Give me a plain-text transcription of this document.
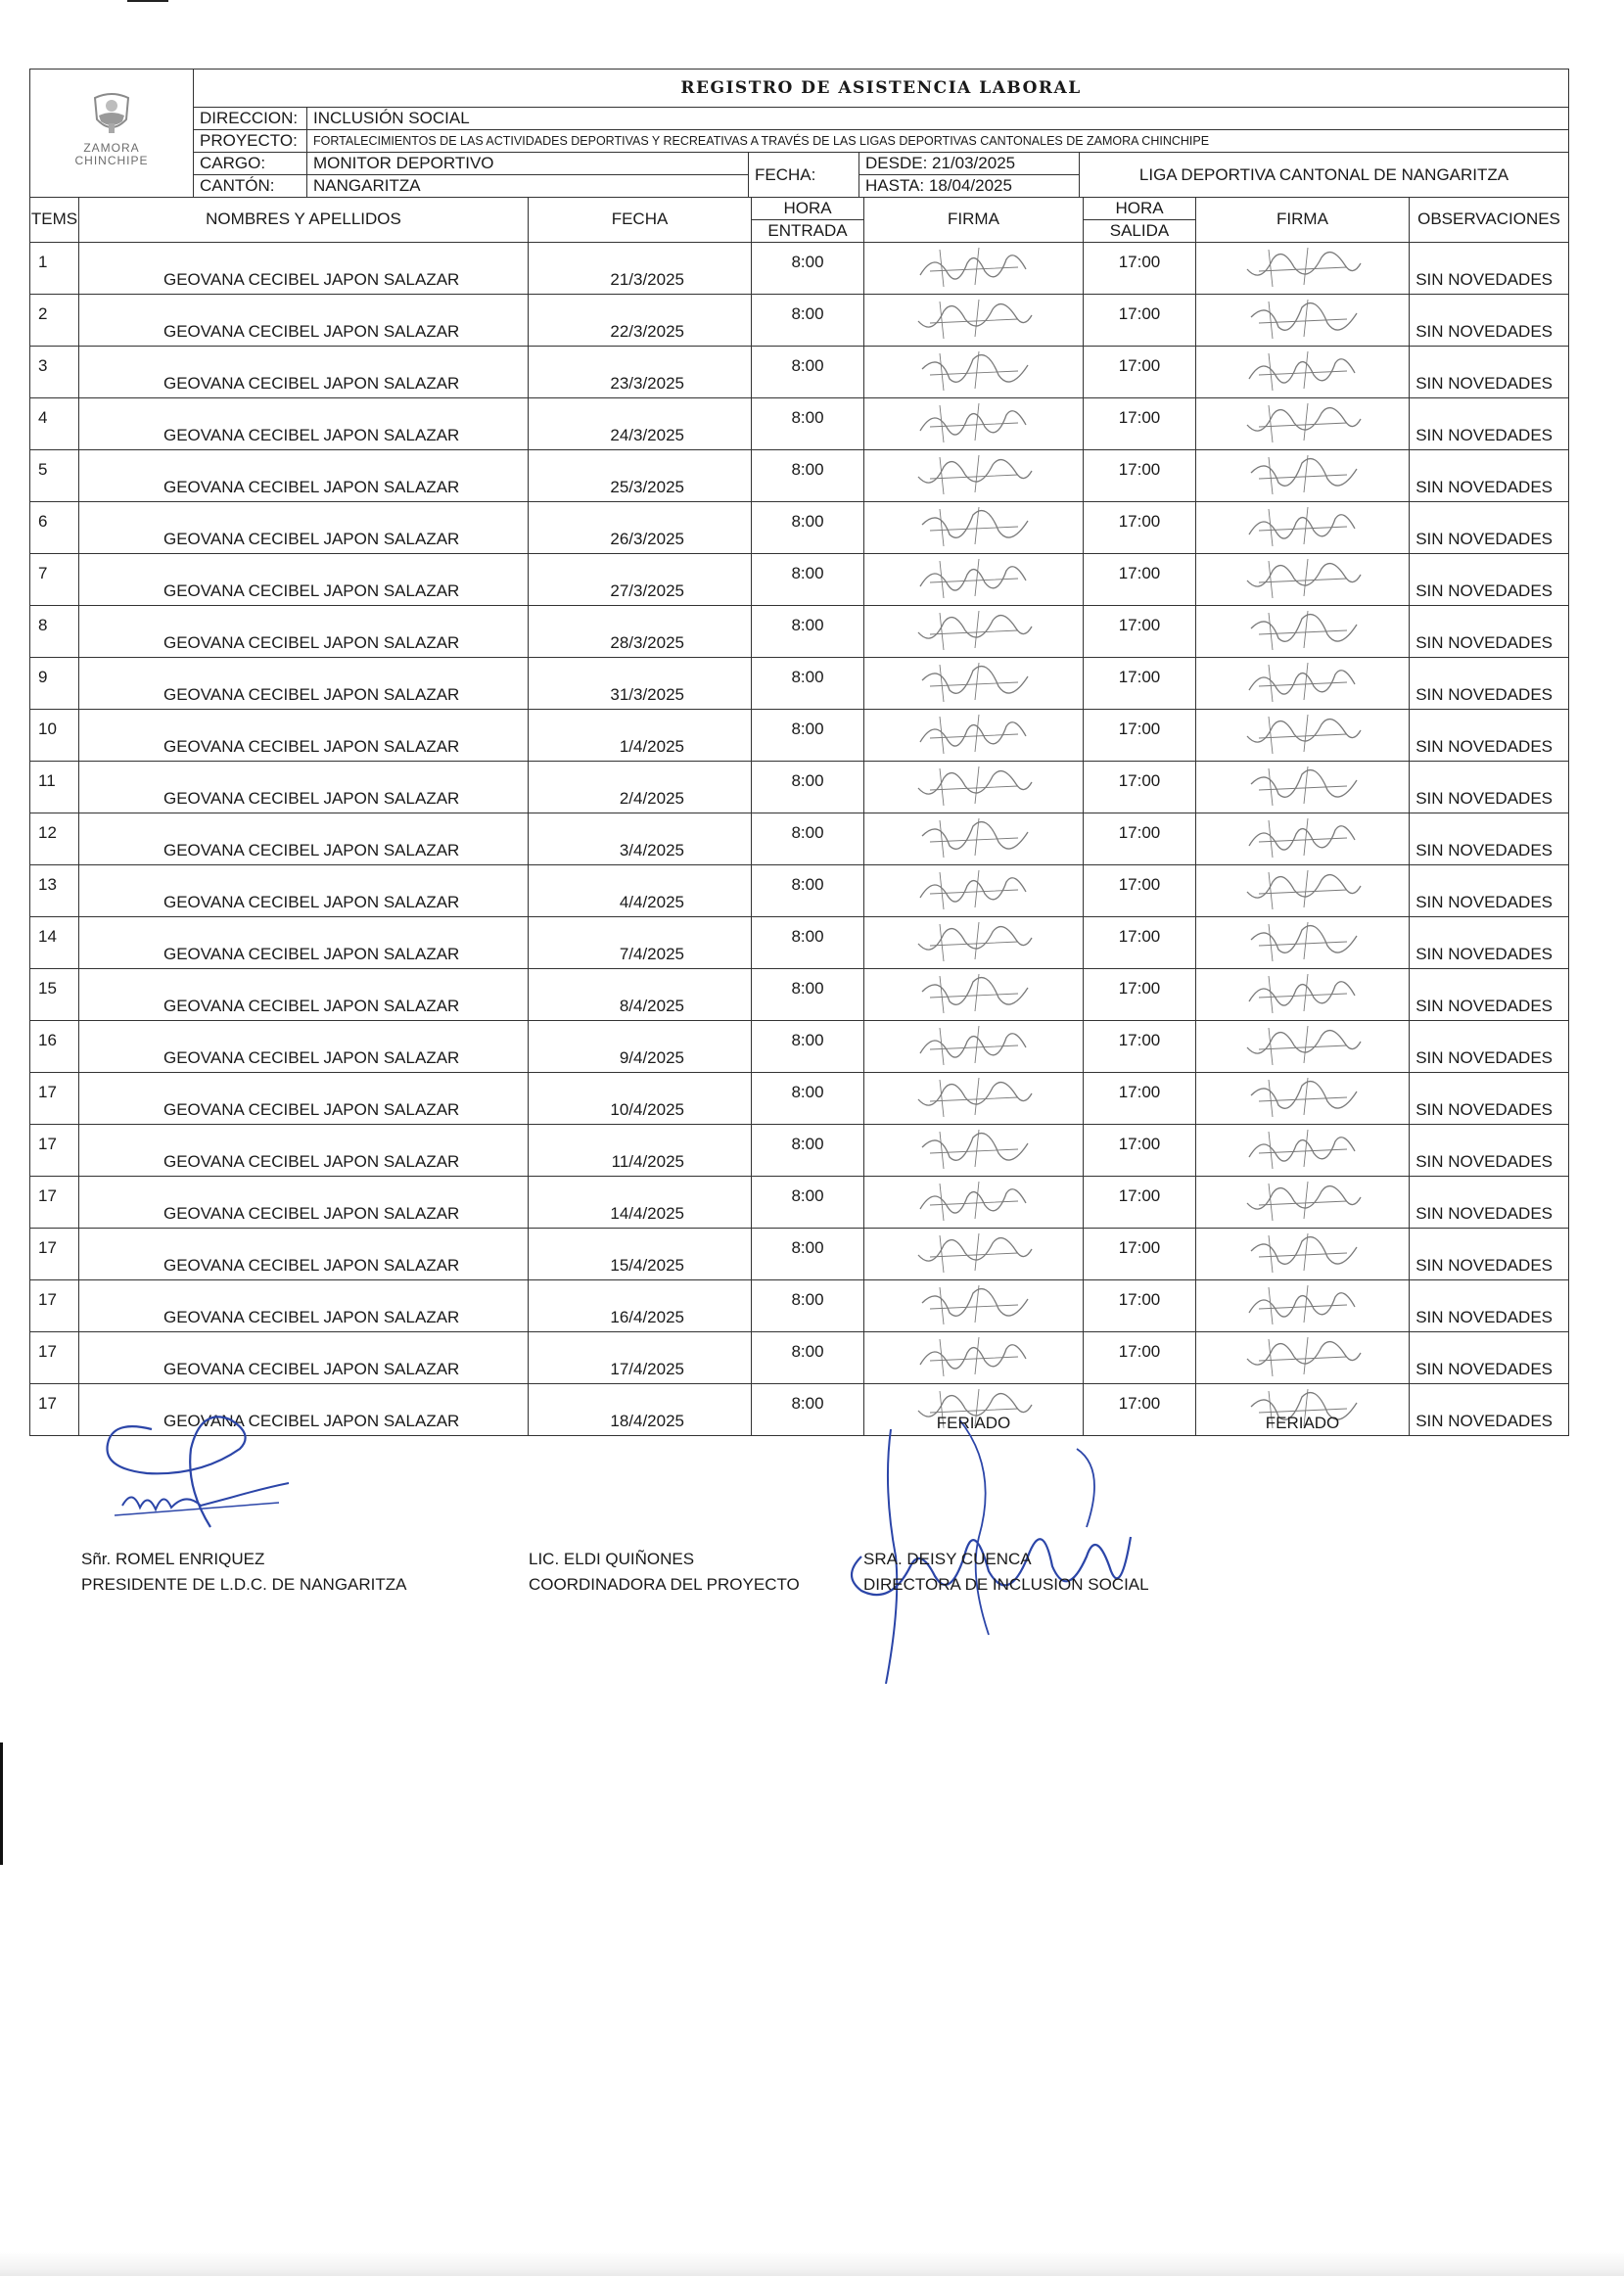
ZAMORA
CHINCHIPE	REGISTRO DE ASISTENCIA LABORAL				
	DIRECCION:	INCLUSIÓN SOCIAL			
	PROYECTO:	FORTALECIMIENTOS DE LAS ACTIVIDADES DEPORTIVAS Y RECREATIVAS A TRAVÉS DE LAS LIGAS DEPORTIVAS CANTONALES DE ZAMORA CHINCHIPE			
	CARGO:	MONITOR DEPORTIVO	FECHA:	DESDE: 21/03/2025	LIGA DEPORTIVA CANTONAL DE NANGARITZA
	CANTÓN:	NANGARITZA		HASTA: 18/04/2025	
TEMS	NOMBRES Y APELLIDOS	FECHA	HORA	FIRMA	HORA	FIRMA	OBSERVACIONES
			ENTRADA		SALIDA		

1	GEOVANA CECIBEL JAPON SALAZAR	21/3/2025	8:00		17:00		SIN NOVEDADES

2	GEOVANA CECIBEL JAPON SALAZAR	22/3/2025	8:00		17:00		SIN NOVEDADES

3	GEOVANA CECIBEL JAPON SALAZAR	23/3/2025	8:00		17:00		SIN NOVEDADES

4	GEOVANA CECIBEL JAPON SALAZAR	24/3/2025	8:00		17:00		SIN NOVEDADES

5	GEOVANA CECIBEL JAPON SALAZAR	25/3/2025	8:00		17:00		SIN NOVEDADES

6	GEOVANA CECIBEL JAPON SALAZAR	26/3/2025	8:00		17:00		SIN NOVEDADES

7	GEOVANA CECIBEL JAPON SALAZAR	27/3/2025	8:00		17:00		SIN NOVEDADES

8	GEOVANA CECIBEL JAPON SALAZAR	28/3/2025	8:00		17:00		SIN NOVEDADES

9	GEOVANA CECIBEL JAPON SALAZAR	31/3/2025	8:00		17:00		SIN NOVEDADES

10	GEOVANA CECIBEL JAPON SALAZAR	1/4/2025	8:00		17:00		SIN NOVEDADES

11	GEOVANA CECIBEL JAPON SALAZAR	2/4/2025	8:00		17:00		SIN NOVEDADES

12	GEOVANA CECIBEL JAPON SALAZAR	3/4/2025	8:00		17:00		SIN NOVEDADES

13	GEOVANA CECIBEL JAPON SALAZAR	4/4/2025	8:00		17:00		SIN NOVEDADES

14	GEOVANA CECIBEL JAPON SALAZAR	7/4/2025	8:00		17:00		SIN NOVEDADES

15	GEOVANA CECIBEL JAPON SALAZAR	8/4/2025	8:00		17:00		SIN NOVEDADES

16	GEOVANA CECIBEL JAPON SALAZAR	9/4/2025	8:00		17:00		SIN NOVEDADES

17	GEOVANA CECIBEL JAPON SALAZAR	10/4/2025	8:00		17:00		SIN NOVEDADES

17	GEOVANA CECIBEL JAPON SALAZAR	11/4/2025	8:00		17:00		SIN NOVEDADES

17	GEOVANA CECIBEL JAPON SALAZAR	14/4/2025	8:00		17:00		SIN NOVEDADES

17	GEOVANA CECIBEL JAPON SALAZAR	15/4/2025	8:00		17:00		SIN NOVEDADES

17	GEOVANA CECIBEL JAPON SALAZAR	16/4/2025	8:00		17:00		SIN NOVEDADES

17	GEOVANA CECIBEL JAPON SALAZAR	17/4/2025	8:00		17:00		SIN NOVEDADES

17	GEOVANA CECIBEL JAPON SALAZAR	18/4/2025	8:00	FERIADO	17:00	FERIADO	SIN NOVEDADES
Sñr. ROMEL ENRIQUEZ
PRESIDENTE DE L.D.C. DE NANGARITZA
LIC. ELDI QUIÑONES
COORDINADORA DEL PROYECTO
SRA. DEISY CUENCA
DIRECTORA DE INCLUSION SOCIAL
